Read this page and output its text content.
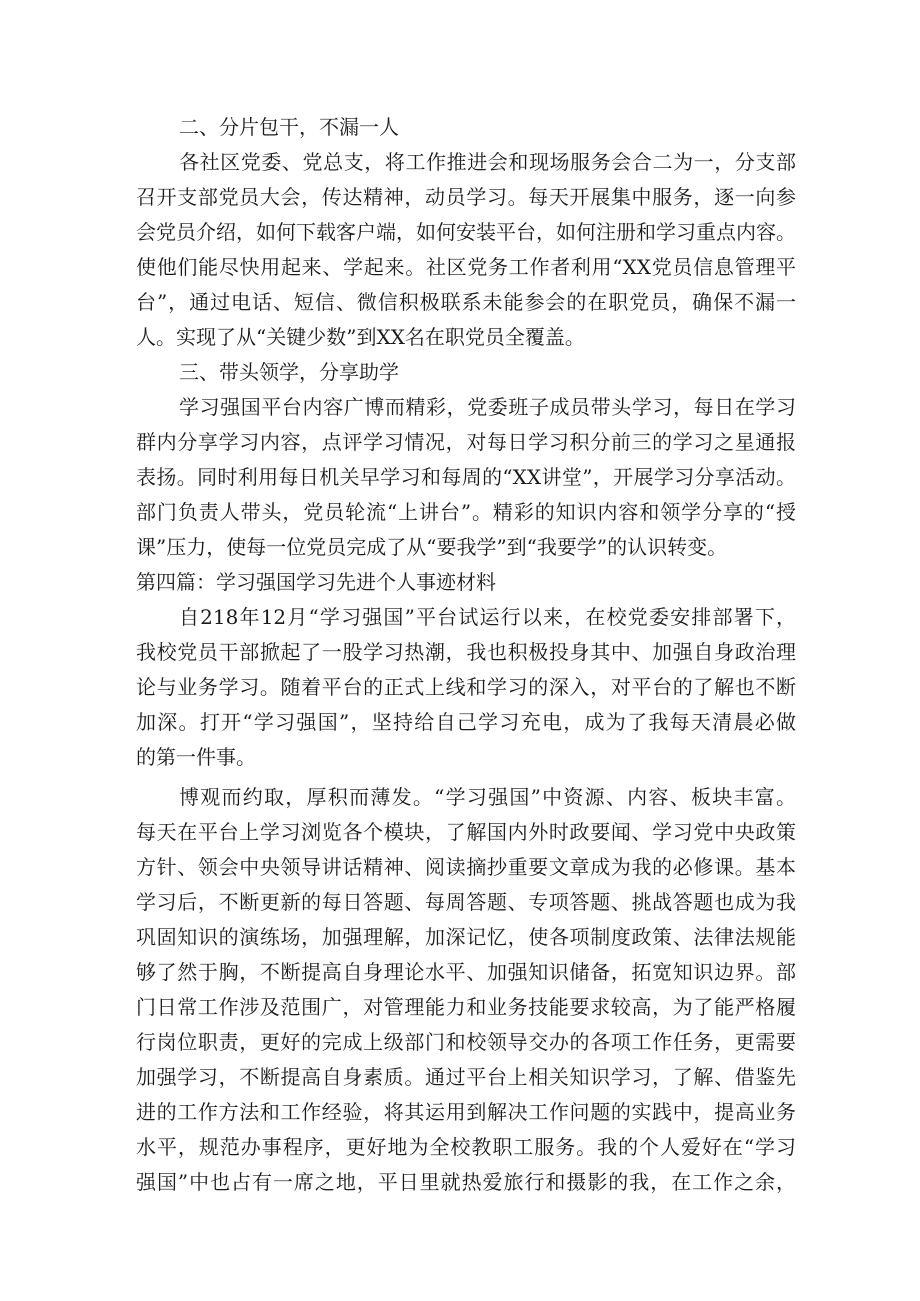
二、分片包干，不漏一人
各社区党委、党总支，将工作推进会和现场服务会合二为一，分支部
召开支部党员大会，传达精神，动员学习。每天开展集中服务，逐一向参
会党员介绍，如何下载客户端，如何安装平台，如何注册和学习重点内容。
使他们能尽快用起来、学起来。社区党务工作者利用“XX党员信息管理平
台”，通过电话、短信、微信积极联系未能参会的在职党员，确保不漏一
人。实现了从“关键少数”到XX名在职党员全覆盖。
三、带头领学，分享助学
学习强国平台内容广博而精彩，党委班子成员带头学习，每日在学习
群内分享学习内容，点评学习情况，对每日学习积分前三的学习之星通报
表扬。同时利用每日机关早学习和每周的“XX讲堂”，开展学习分享活动。
部门负责人带头，党员轮流“上讲台”。精彩的知识内容和领学分享的“授
课”压力，使每一位党员完成了从“要我学”到“我要学”的认识转变。
第四篇：学习强国学习先进个人事迹材料
自218年12月“学习强国”平台试运行以来，在校党委安排部署下，
我校党员干部掀起了一股学习热潮，我也积极投身其中、加强自身政治理
论与业务学习。随着平台的正式上线和学习的深入，对平台的了解也不断
加深。打开“学习强国”，坚持给自己学习充电，成为了我每天清晨必做
的第一件事。
博观而约取，厚积而薄发。“学习强国”中资源、内容、板块丰富。
每天在平台上学习浏览各个模块，了解国内外时政要闻、学习党中央政策
方针、领会中央领导讲话精神、阅读摘抄重要文章成为我的必修课。基本
学习后，不断更新的每日答题、每周答题、专项答题、挑战答题也成为我
巩固知识的演练场，加强理解，加深记忆，使各项制度政策、法律法规能
够了然于胸，不断提高自身理论水平、加强知识储备，拓宽知识边界。部
门日常工作涉及范围广，对管理能力和业务技能要求较高，为了能严格履
行岗位职责，更好的完成上级部门和校领导交办的各项工作任务，更需要
加强学习，不断提高自身素质。通过平台上相关知识学习，了解、借鉴先
进的工作方法和工作经验，将其运用到解决工作问题的实践中，提高业务
水平，规范办事程序，更好地为全校教职工服务。我的个人爱好在“学习
强国”中也占有一席之地，平日里就热爱旅行和摄影的我，在工作之余，
